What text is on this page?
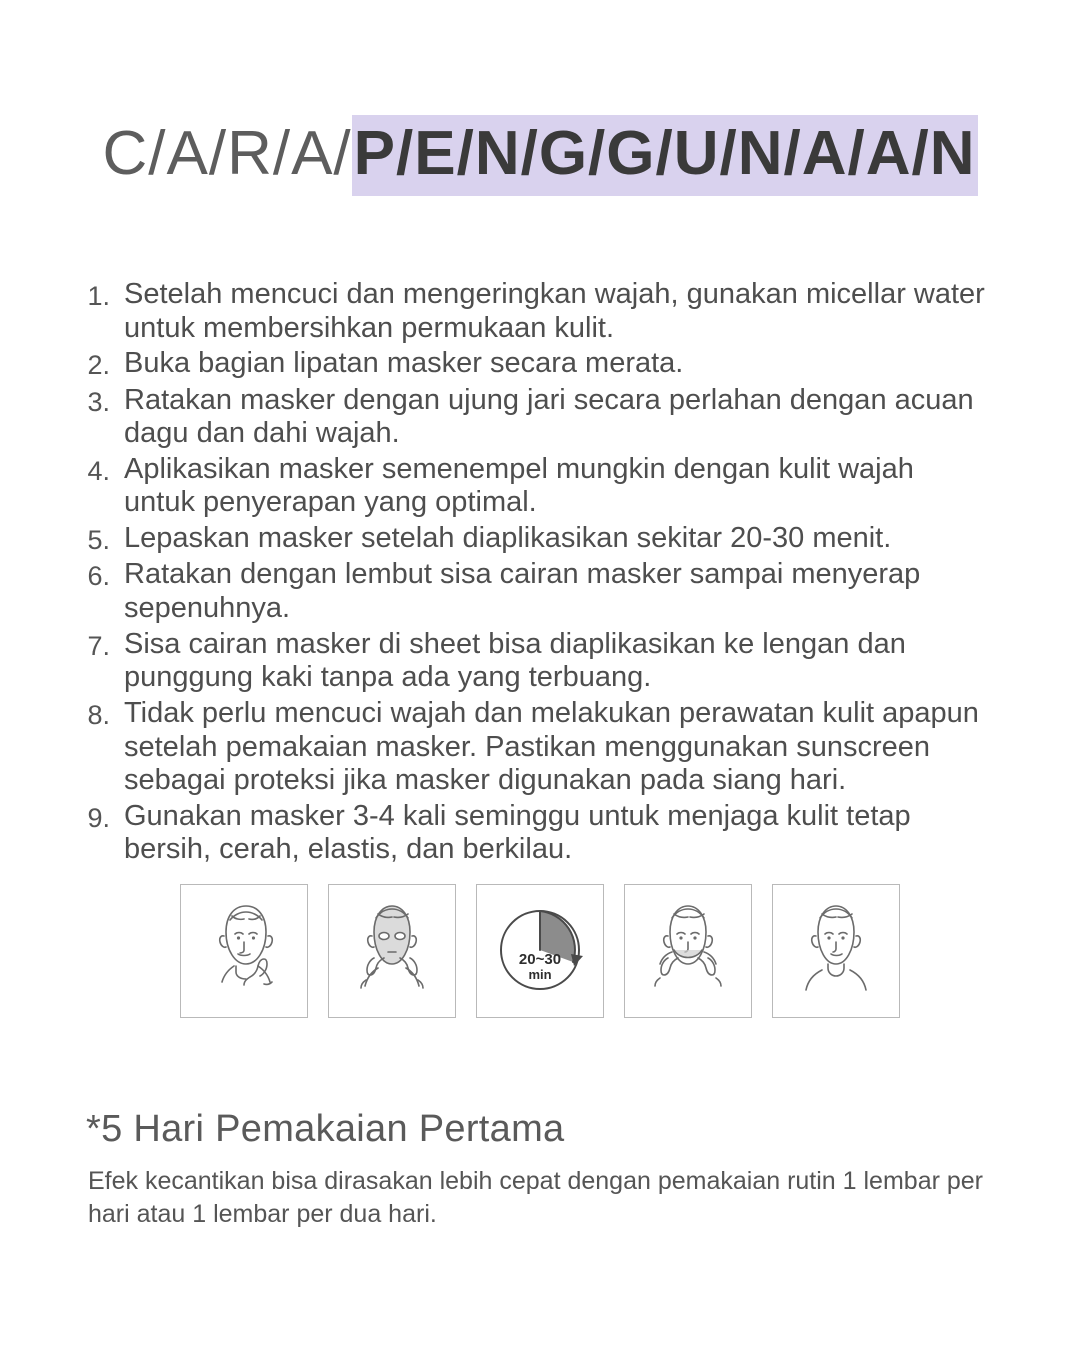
C/A/R/A/P/E/N/G/G/U/N/A/A/N
1. Setelah mencuci dan mengeringkan wajah, gunakan micellar water untuk membersihkan permukaan kulit.
2. Buka bagian lipatan masker secara merata.
3. Ratakan masker dengan ujung jari secara perlahan dengan acuan dagu dan dahi wajah.
4. Aplikasikan masker semenempel mungkin dengan kulit wajah untuk penyerapan yang optimal.
5. Lepaskan masker setelah diaplikasikan sekitar 20-30 menit.
6. Ratakan dengan lembut sisa cairan masker sampai menyerap sepenuhnya.
7. Sisa cairan masker di sheet bisa diaplikasikan ke lengan dan punggung kaki tanpa ada yang terbuang.
8. Tidak perlu mencuci wajah dan melakukan perawatan kulit apapun setelah pemakaian masker. Pastikan menggunakan sunscreen sebagai proteksi jika masker digunakan pada siang hari.
9. Gunakan masker 3-4 kali seminggu untuk menjaga kulit tetap bersih, cerah, elastis, dan berkilau.
20~30
min
*5 Hari Pemakaian Pertama
Efek kecantikan bisa dirasakan lebih cepat dengan pemakaian rutin 1 lembar per hari atau 1 lembar per dua hari.
